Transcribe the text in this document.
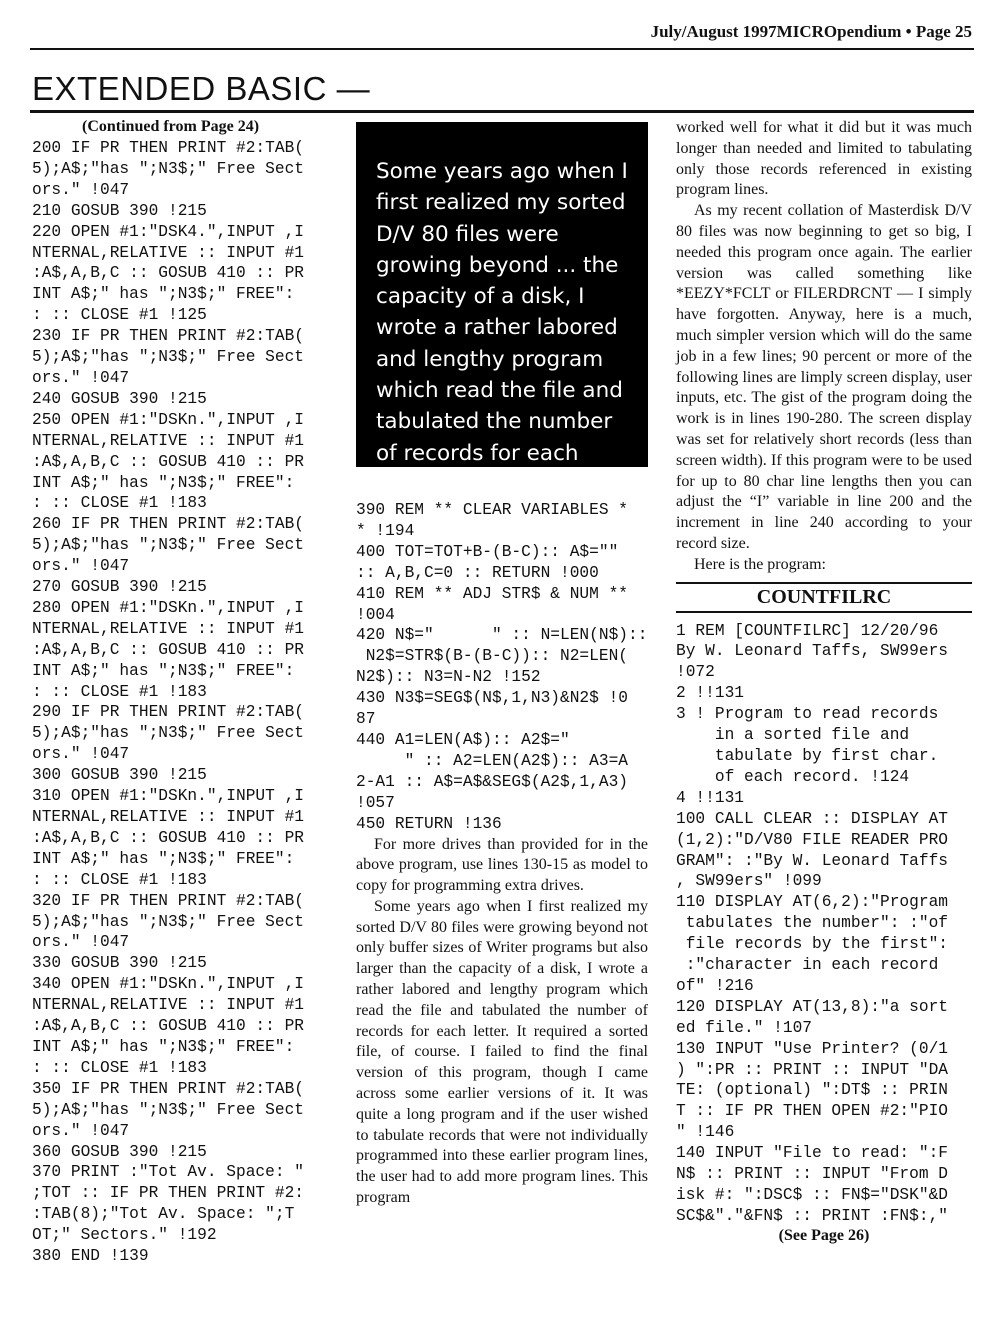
July/August 1997MICROpendium • Page 25
EXTENDED BASIC —
(Continued from Page 24)
200 IF PR THEN PRINT #2:TAB(
5);A$;"has ";N3$;" Free Sect
ors." !047
210 GOSUB 390 !215
220 OPEN #1:"DSK4.",INPUT ,I
NTERNAL,RELATIVE :: INPUT #1
:A$,A,B,C :: GOSUB 410 :: PR
INT A$;" has ";N3$;" FREE":
: :: CLOSE #1 !125
230 IF PR THEN PRINT #2:TAB(
5);A$;"has ";N3$;" Free Sect
ors." !047
240 GOSUB 390 !215
250 OPEN #1:"DSKn.",INPUT ,I
NTERNAL,RELATIVE :: INPUT #1
:A$,A,B,C :: GOSUB 410 :: PR
INT A$;" has ";N3$;" FREE":
: :: CLOSE #1 !183
260 IF PR THEN PRINT #2:TAB(
5);A$;"has ";N3$;" Free Sect
ors." !047
270 GOSUB 390 !215
280 OPEN #1:"DSKn.",INPUT ,I
NTERNAL,RELATIVE :: INPUT #1
:A$,A,B,C :: GOSUB 410 :: PR
INT A$;" has ";N3$;" FREE":
: :: CLOSE #1 !183
290 IF PR THEN PRINT #2:TAB(
5);A$;"has ";N3$;" Free Sect
ors." !047
300 GOSUB 390 !215
310 OPEN #1:"DSKn.",INPUT ,I
NTERNAL,RELATIVE :: INPUT #1
:A$,A,B,C :: GOSUB 410 :: PR
INT A$;" has ";N3$;" FREE":
: :: CLOSE #1 !183
320 IF PR THEN PRINT #2:TAB(
5);A$;"has ";N3$;" Free Sect
ors." !047
330 GOSUB 390 !215
340 OPEN #1:"DSKn.",INPUT ,I
NTERNAL,RELATIVE :: INPUT #1
:A$,A,B,C :: GOSUB 410 :: PR
INT A$;" has ";N3$;" FREE":
: :: CLOSE #1 !183
350 IF PR THEN PRINT #2:TAB(
5);A$;"has ";N3$;" Free Sect
ors." !047
360 GOSUB 390 !215
370 PRINT :"Tot Av. Space: "
;TOT :: IF PR THEN PRINT #2:
:TAB(8);"Tot Av. Space: ";T
OT;" Sectors." !192
380 END !139
Some years ago when I first realized my sorted D/V 80 files were growing beyond ... the capacity of a disk, I wrote a rather labored and lengthy program which read the file and tabulated the number of records for each letter.
390 REM ** CLEAR VARIABLES *
* !194
400 TOT=TOT+B-(B-C):: A$=""
:: A,B,C=0 :: RETURN !000
410 REM ** ADJ STR$ & NUM **
!004
420 N$="      " :: N=LEN(N$)::
N2$=STR$(B-(B-C)):: N2=LEN(
N2$):: N3=N-N2 !152
430 N3$=SEG$(N$,1,N3)&N2$ !0
87
440 A1=LEN(A$):: A2$="
" :: A2=LEN(A2$):: A3=A
2-A1 :: A$=A$&SEG$(A2$,1,A3)
!057
450 RETURN !136

For more drives than provided for in the above program, use lines 130-15 as model to copy for programming extra drives.

Some years ago when I first realized my sorted D/V 80 files were growing beyond not only buffer sizes of Writer programs but also larger than the capacity of a disk, I wrote a rather labored and lengthy program which read the file and tabulated the number of records for each letter. It required a sorted file, of course. I failed to find the final version of this program, though I came across some earlier versions of it. It was quite a long program and if the user wished to tabulate records that were not individually programmed into these earlier program lines, the user had to add more program lines. This program

worked well for what it did but it was much longer than needed and limited to tabulating only those records referenced in existing program lines.

As my recent collation of Masterdisk D/V 80 files was now beginning to get so big, I needed this program once again. The earlier version was called something like *EEZY*FCLT or FILERDRCNT — I simply have forgotten. Anyway, here is a much, much simpler version which will do the same job in a few lines; 90 percent or more of the following lines are limply screen display, user inputs, etc. The gist of the program doing the work is in lines 190-280. The screen display was set for relatively short records (less than screen width). If this program were to be used for up to 80 char line lengths then you can adjust the “I” variable in line 200 and the increment in line 240 according to your record size.

Here is the program:

COUNTFILRC
1 REM [COUNTFILRC] 12/20/96
By W. Leonard Taffs, SW99ers
!072
2 !!131
3 ! Program to read records
in a sorted file and
tabulate by first char.
of each record. !124
4 !!131
100 CALL CLEAR :: DISPLAY AT
(1,2):"D/V80 FILE READER PRO
GRAM": :"By W. Leonard Taffs
, SW99ers" !099
110 DISPLAY AT(6,2):"Program
tabulates the number": :"of
file records by the first":
:"character in each record
of" !216
120 DISPLAY AT(13,8):"a sort
ed file." !107
130 INPUT "Use Printer? (0/1
) ":PR :: PRINT :: INPUT "DA
TE: (optional) ":DT$ :: PRIN
T :: IF PR THEN OPEN #2:"PIO
" !146
140 INPUT "File to read: ":F
N$ :: PRINT :: INPUT "From D
isk #: ":DSC$ :: FN$="DSK"&D
SC$&"."&FN$ :: PRINT :FN$:,"
(See Page 26)
